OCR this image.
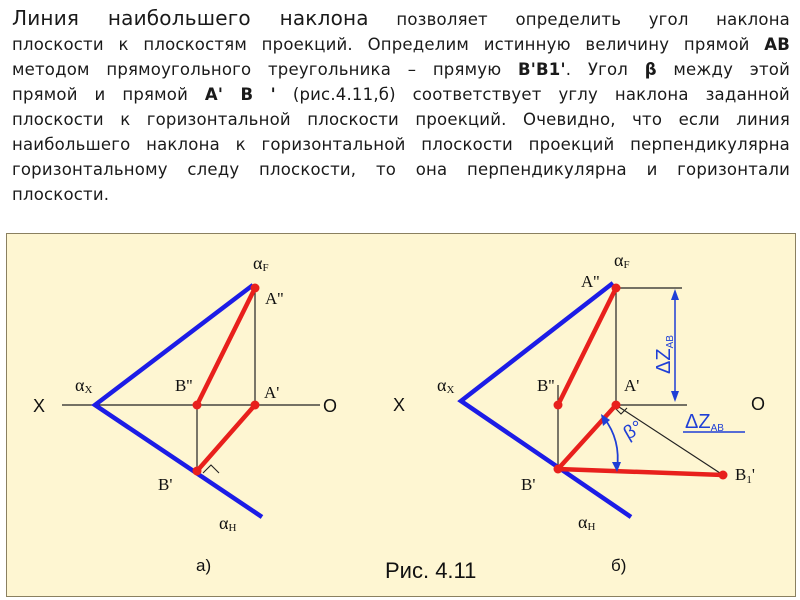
Линия наибольшего наклона позволяет определить угол наклона
плоскости к плоскостям проекций. Определим истинную величину прямой АВ
методом прямоугольного треугольника – прямую В'В1'. Угол β между этой
прямой и прямой А' В ' (рис.4.11,б) соответствует углу наклона заданной
плоскости к горизонтальной плоскости проекций. Очевидно, что если линия
наибольшего наклона к горизонтальной плоскости проекций перпендикулярна
горизонтальному следу плоскости, то она перпендикулярна и горизонтали
плоскости.
X	O
αX
αF
αH
A''
B''	A'
B'
а)	Рис. 4.11
X	O
αX
αF
αH
A''
B''	A'
B'
B1'
ΔZAB
ΔZAB
β°
б)
